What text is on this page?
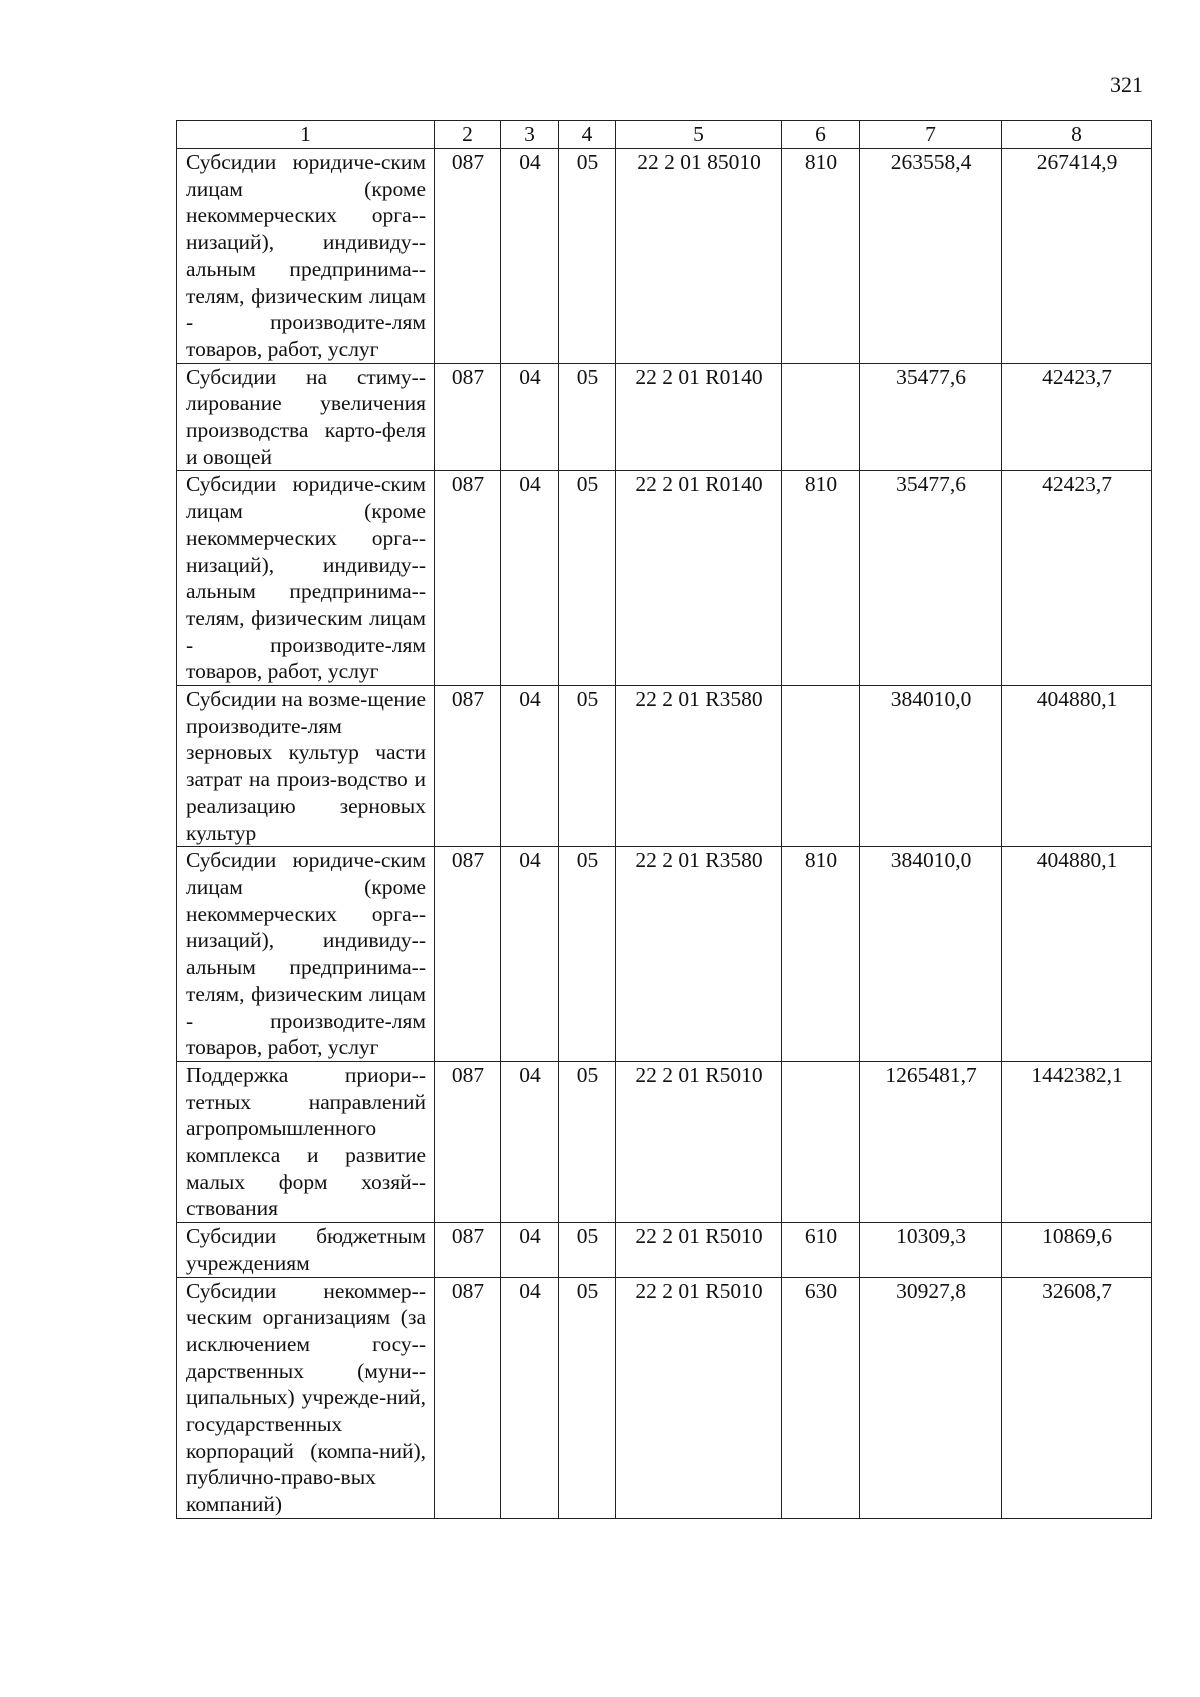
321
1	2	3	4	5	6	7	8
Субсидии юридиче-ским лицам (кроме некоммерческих орга-низаций), индивиду-альным предпринима-телям, физическим лицам - производите-лям товаров, работ, услуг	087	04	05	22 2 01 85010	810	263558,4	267414,9
Субсидии на стиму-лирование увеличения производства карто-феля и овощей	087	04	05	22 2 01 R0140		35477,6	42423,7
Субсидии юридиче-ским лицам (кроме некоммерческих орга-низаций), индивиду-альным предпринима-телям, физическим лицам - производите-лям товаров, работ, услуг	087	04	05	22 2 01 R0140	810	35477,6	42423,7
Субсидии на возме-щение производите-лям зерновых культур части затрат на произ-водство и реализацию зерновых культур	087	04	05	22 2 01 R3580		384010,0	404880,1
Субсидии юридиче-ским лицам (кроме некоммерческих орга-низаций), индивиду-альным предпринима-телям, физическим лицам - производите-лям товаров, работ, услуг	087	04	05	22 2 01 R3580	810	384010,0	404880,1
Поддержка приори-тетных направлений агропромышленного комплекса и развитие малых форм хозяй-ствования	087	04	05	22 2 01 R5010		1265481,7	1442382,1
Субсидии бюджетным учреждениям	087	04	05	22 2 01 R5010	610	10309,3	10869,6
Субсидии некоммер-ческим организациям (за исключением госу-дарственных (муни-ципальных) учрежде-ний, государственных корпораций (компа-ний), публично-право-вых компаний)	087	04	05	22 2 01 R5010	630	30927,8	32608,7
